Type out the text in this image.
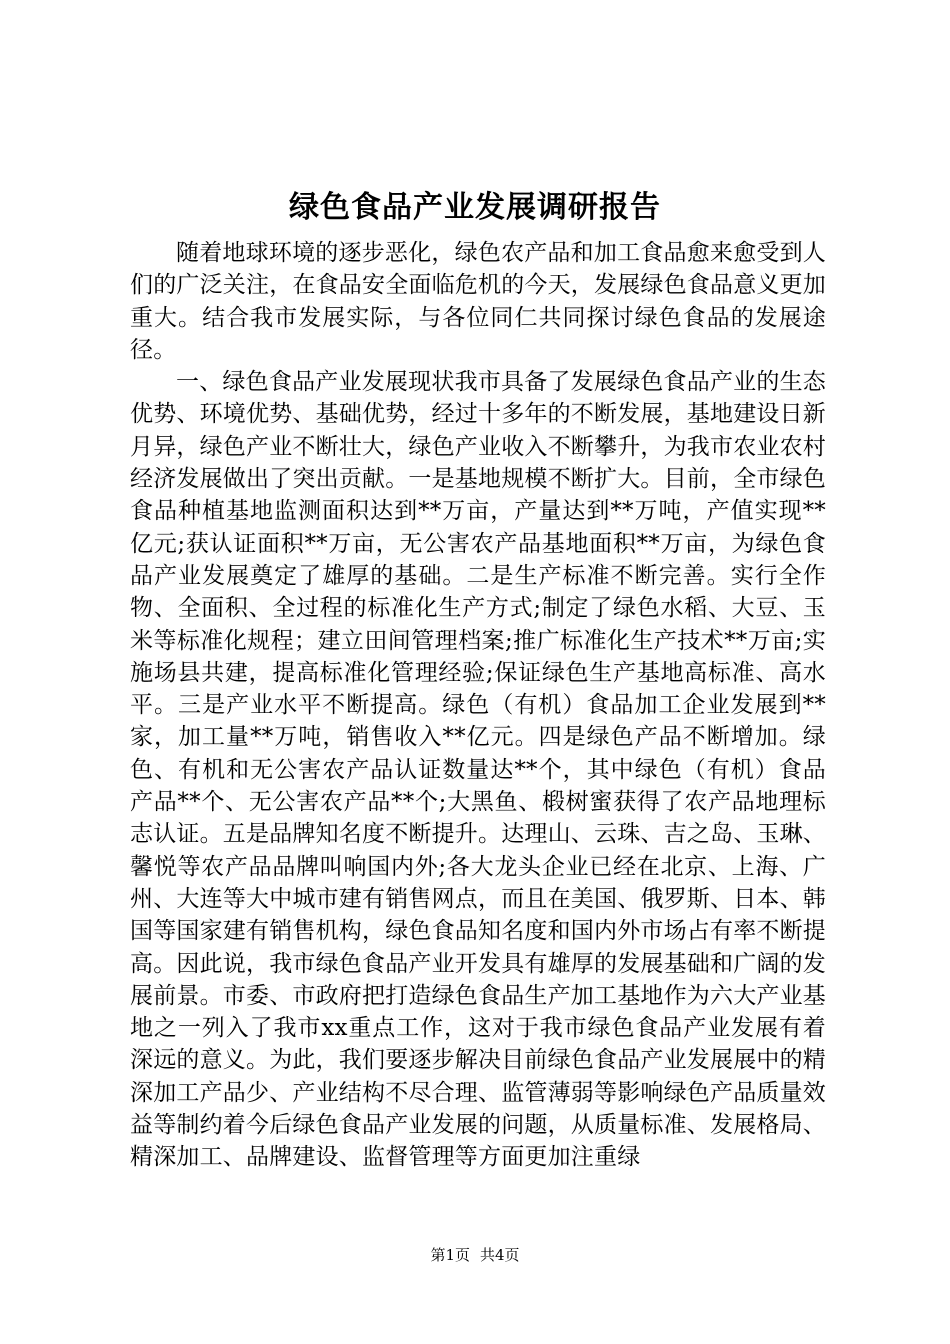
绿色食品产业发展调研报告

随着地球环境的逐步恶化，绿色农产品和加工食品愈来愈受到人们的广泛关注，在食品安全面临危机的今天，发展绿色食品意义更加重大。结合我市发展实际，与各位同仁共同探讨绿色食品的发展途径。

一、绿色食品产业发展现状我市具备了发展绿色食品产业的生态优势、环境优势、基础优势，经过十多年的不断发展，基地建设日新月异，绿色产业不断壮大，绿色产业收入不断攀升，为我市农业农村经济发展做出了突出贡献。一是基地规模不断扩大。目前，全市绿色食品种植基地监测面积达到**万亩，产量达到**万吨，产值实现**亿元;获认证面积**万亩，无公害农产品基地面积**万亩，为绿色食品产业发展奠定了雄厚的基础。二是生产标准不断完善。实行全作物、全面积、全过程的标准化生产方式;制定了绿色水稻、大豆、玉米等标准化规程；建立田间管理档案;推广标准化生产技术**万亩;实施场县共建，提高标准化管理经验;保证绿色生产基地高标准、高水平。三是产业水平不断提高。绿色（有机）食品加工企业发展到**家，加工量**万吨，销售收入**亿元。四是绿色产品不断增加。绿色、有机和无公害农产品认证数量达**个，其中绿色（有机）食品产品**个、无公害农产品**个;大黑鱼、椴树蜜获得了农产品地理标志认证。五是品牌知名度不断提升。达理山、云珠、吉之岛、玉琳、馨悦等农产品品牌叫响国内外;各大龙头企业已经在北京、上海、广州、大连等大中城市建有销售网点，而且在美国、俄罗斯、日本、韩国等国家建有销售机构，绿色食品知名度和国内外市场占有率不断提高。因此说，我市绿色食品产业开发具有雄厚的发展基础和广阔的发展前景。市委、市政府把打造绿色食品生产加工基地作为六大产业基地之一列入了我市xx重点工作，这对于我市绿色食品产业发展有着深远的意义。为此，我们要逐步解决目前绿色食品产业发展展中的精深加工产品少、产业结构不尽合理、监管薄弱等影响绿色产品质量效益等制约着今后绿色食品产业发展的问题，从质量标准、发展格局、精深加工、品牌建设、监督管理等方面更加注重绿

第1页 共4页
